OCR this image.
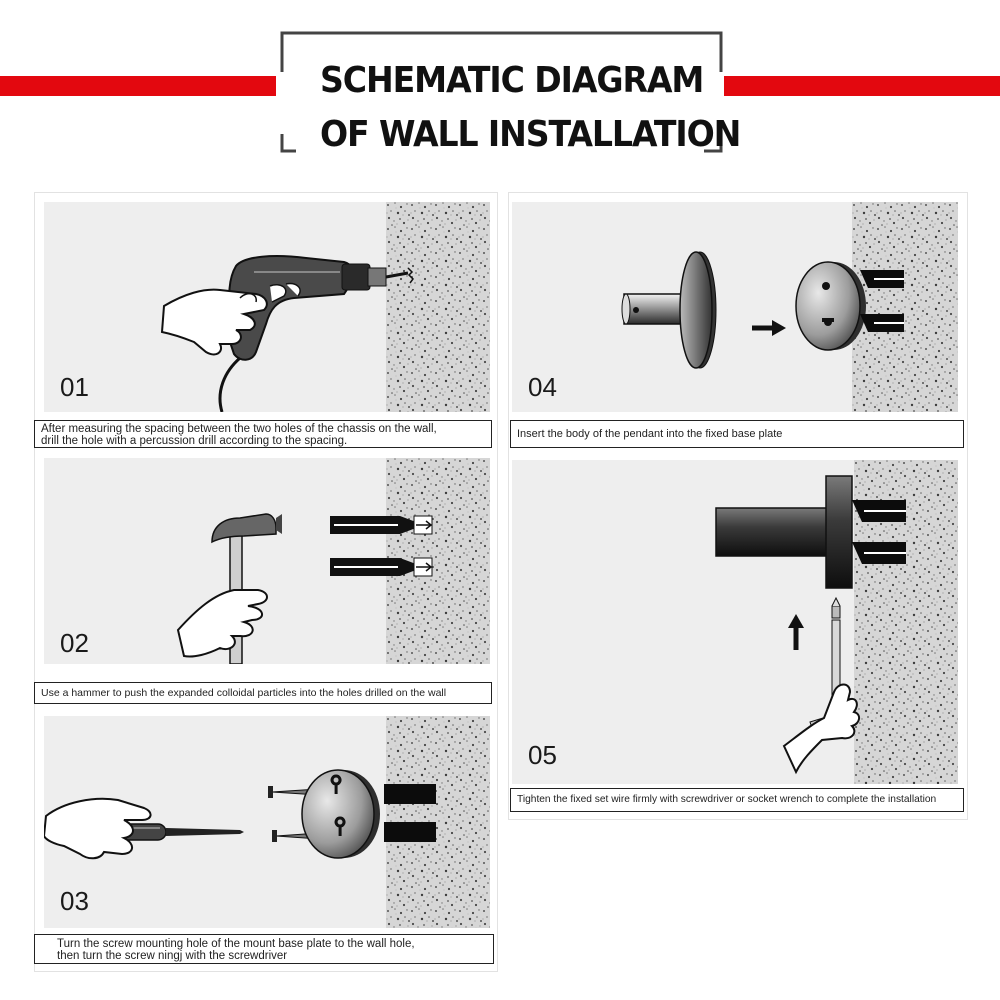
SCHEMATIC DIAGRAM
OF WALL INSTALLATION
01
After measuring the spacing between the two holes of the chassis on the wall,
drill the hole with a percussion drill according to the spacing.
02
Use a hammer to push the expanded colloidal particles into the holes drilled on the wall
03
Turn the screw mounting hole of the mount base plate to the wall hole,
then turn the screw ningj with the screwdriver
04
Insert the body of the pendant into the fixed base plate
05
Tighten the fixed set wire firmly with screwdriver or socket wrench to complete the installation
